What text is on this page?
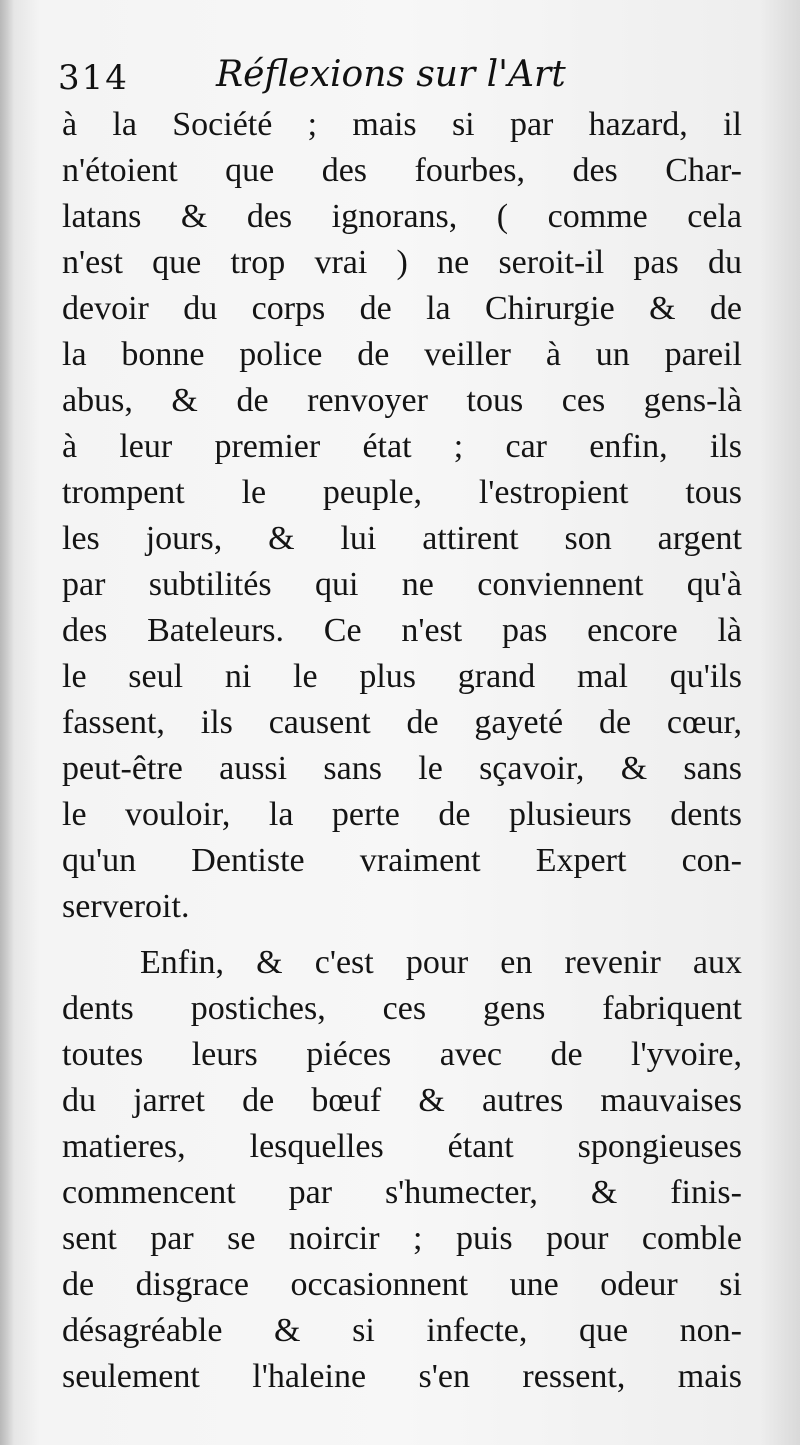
314 Réflexions sur l'Art
à la Société ; mais si par hazard, il
n'étoient que des fourbes, des Char-
latans & des ignorans, ( comme cela
n'est que trop vrai ) ne seroit-il pas du
devoir du corps de la Chirurgie & de
la bonne police de veiller à un pareil
abus, & de renvoyer tous ces gens-là
à leur premier état ; car enfin, ils
trompent le peuple, l'estropient tous
les jours, & lui attirent son argent
par subtilités qui ne conviennent qu'à
des Bateleurs. Ce n'est pas encore là
le seul ni le plus grand mal qu'ils
fassent, ils causent de gayeté de cœur,
peut-être aussi sans le sçavoir, & sans
le vouloir, la perte de plusieurs dents
qu'un Dentiste vraiment Expert con-
serveroit.
Enfin, & c'est pour en revenir aux
dents postiches, ces gens fabriquent
toutes leurs piéces avec de l'yvoire,
du jarret de bœuf & autres mauvaises
matieres, lesquelles étant spongieuses
commencent par s'humecter, & finis-
sent par se noircir ; puis pour comble
de disgrace occasionnent une odeur si
désagréable & si infecte, que non-
seulement l'haleine s'en ressent, mais
